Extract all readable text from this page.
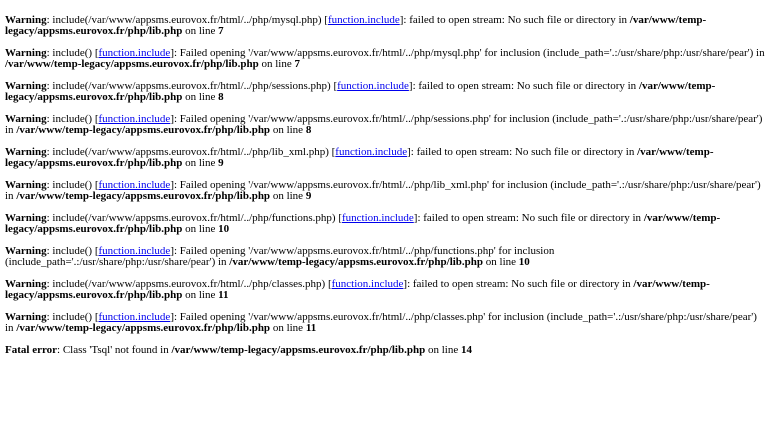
Warning: include(/var/www/appsms.eurovox.fr/html/../php/mysql.php) [function.include]: failed to open stream: No such file or directory in /var/www/temp-legacy/appsms.eurovox.fr/php/lib.php on line 7
Warning: include() [function.include]: Failed opening '/var/www/appsms.eurovox.fr/html/../php/mysql.php' for inclusion (include_path='.:/usr/share/php:/usr/share/pear') in /var/www/temp-legacy/appsms.eurovox.fr/php/lib.php on line 7
Warning: include(/var/www/appsms.eurovox.fr/html/../php/sessions.php) [function.include]: failed to open stream: No such file or directory in /var/www/temp-legacy/appsms.eurovox.fr/php/lib.php on line 8
Warning: include() [function.include]: Failed opening '/var/www/appsms.eurovox.fr/html/../php/sessions.php' for inclusion (include_path='.:/usr/share/php:/usr/share/pear') in /var/www/temp-legacy/appsms.eurovox.fr/php/lib.php on line 8
Warning: include(/var/www/appsms.eurovox.fr/html/../php/lib_xml.php) [function.include]: failed to open stream: No such file or directory in /var/www/temp-legacy/appsms.eurovox.fr/php/lib.php on line 9
Warning: include() [function.include]: Failed opening '/var/www/appsms.eurovox.fr/html/../php/lib_xml.php' for inclusion (include_path='.:/usr/share/php:/usr/share/pear') in /var/www/temp-legacy/appsms.eurovox.fr/php/lib.php on line 9
Warning: include(/var/www/appsms.eurovox.fr/html/../php/functions.php) [function.include]: failed to open stream: No such file or directory in /var/www/temp-legacy/appsms.eurovox.fr/php/lib.php on line 10
Warning: include() [function.include]: Failed opening '/var/www/appsms.eurovox.fr/html/../php/functions.php' for inclusion (include_path='.:/usr/share/php:/usr/share/pear') in /var/www/temp-legacy/appsms.eurovox.fr/php/lib.php on line 10
Warning: include(/var/www/appsms.eurovox.fr/html/../php/classes.php) [function.include]: failed to open stream: No such file or directory in /var/www/temp-legacy/appsms.eurovox.fr/php/lib.php on line 11
Warning: include() [function.include]: Failed opening '/var/www/appsms.eurovox.fr/html/../php/classes.php' for inclusion (include_path='.:/usr/share/php:/usr/share/pear') in /var/www/temp-legacy/appsms.eurovox.fr/php/lib.php on line 11
Fatal error: Class 'Tsql' not found in /var/www/temp-legacy/appsms.eurovox.fr/php/lib.php on line 14
